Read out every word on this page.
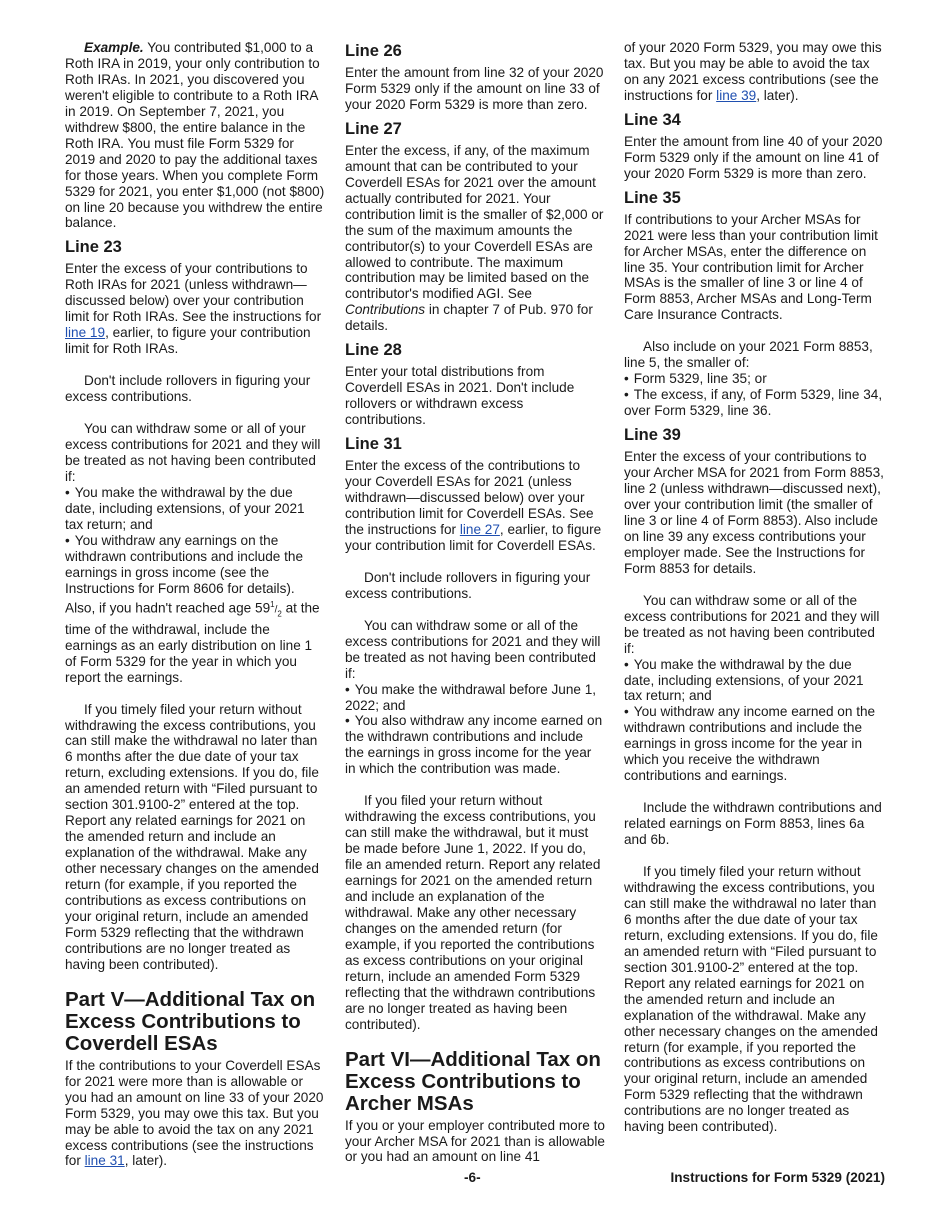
Example. You contributed $1,000 to a Roth IRA in 2019, your only contribution to Roth IRAs. In 2021, you discovered you weren't eligible to contribute to a Roth IRA in 2019. On September 7, 2021, you withdrew $800, the entire balance in the Roth IRA. You must file Form 5329 for 2019 and 2020 to pay the additional taxes for those years. When you complete Form 5329 for 2021, you enter $1,000 (not $800) on line 20 because you withdrew the entire balance.

Line 23

Enter the excess of your contributions to Roth IRAs for 2021 (unless withdrawn—discussed below) over your contribution limit for Roth IRAs. See the instructions for line 19, earlier, to figure your contribution limit for Roth IRAs.

Don't include rollovers in figuring your excess contributions.

You can withdraw some or all of your excess contributions for 2021 and they will be treated as not having been contributed if:

• You make the withdrawal by the due date, including extensions, of your 2021 tax return; and

• You withdraw any earnings on the withdrawn contributions and include the earnings in gross income (see the Instructions for Form 8606 for details). Also, if you hadn't reached age $59^1/_2$ at the time of the withdrawal, include the earnings as an early distribution on line 1 of Form 5329 for the year in which you report the earnings.

If you timely filed your return without withdrawing the excess contributions, you can still make the withdrawal no later than 6 months after the due date of your tax return, excluding extensions. If you do, file an amended return with “Filed pursuant to section 301.9100-2” entered at the top. Report any related earnings for 2021 on the amended return and include an explanation of the withdrawal. Make any other necessary changes on the amended return (for example, if you reported the contributions as excess contributions on your original return, include an amended Form 5329 reflecting that the withdrawn contributions are no longer treated as having been contributed).

Part V—Additional Tax on Excess Contributions to Coverdell ESAs

If the contributions to your Coverdell ESAs for 2021 were more than is allowable or you had an amount on line 33 of your 2020 Form 5329, you may owe this tax. But you may be able to avoid the tax on any 2021 excess contributions (see the instructions for line 31, later).

Line 26

Enter the amount from line 32 of your 2020 Form 5329 only if the amount on line 33 of your 2020 Form 5329 is more than zero.

Line 27

Enter the excess, if any, of the maximum amount that can be contributed to your Coverdell ESAs for 2021 over the amount actually contributed for 2021. Your contribution limit is the smaller of $2,000 or the sum of the maximum amounts the contributor(s) to your Coverdell ESAs are allowed to contribute. The maximum contribution may be limited based on the contributor's modified AGI. See Contributions in chapter 7 of Pub. 970 for details.

Line 28

Enter your total distributions from Coverdell ESAs in 2021. Don't include rollovers or withdrawn excess contributions.

Line 31

Enter the excess of the contributions to your Coverdell ESAs for 2021 (unless withdrawn—discussed below) over your contribution limit for Coverdell ESAs. See the instructions for line 27, earlier, to figure your contribution limit for Coverdell ESAs.

Don't include rollovers in figuring your excess contributions.

You can withdraw some or all of the excess contributions for 2021 and they will be treated as not having been contributed if:

• You make the withdrawal before June 1, 2022; and

• You also withdraw any income earned on the withdrawn contributions and include the earnings in gross income for the year in which the contribution was made.

If you filed your return without withdrawing the excess contributions, you can still make the withdrawal, but it must be made before June 1, 2022. If you do, file an amended return. Report any related earnings for 2021 on the amended return and include an explanation of the withdrawal. Make any other necessary changes on the amended return (for example, if you reported the contributions as excess contributions on your original return, include an amended Form 5329 reflecting that the withdrawn contributions are no longer treated as having been contributed).

Part VI—Additional Tax on Excess Contributions to Archer MSAs

If you or your employer contributed more to your Archer MSA for 2021 than is allowable or you had an amount on line 41

of your 2020 Form 5329, you may owe this tax. But you may be able to avoid the tax on any 2021 excess contributions (see the instructions for line 39, later).

Line 34

Enter the amount from line 40 of your 2020 Form 5329 only if the amount on line 41 of your 2020 Form 5329 is more than zero.

Line 35

If contributions to your Archer MSAs for 2021 were less than your contribution limit for Archer MSAs, enter the difference on line 35. Your contribution limit for Archer MSAs is the smaller of line 3 or line 4 of Form 8853, Archer MSAs and Long-Term Care Insurance Contracts.

Also include on your 2021 Form 8853, line 5, the smaller of:

• Form 5329, line 35; or

• The excess, if any, of Form 5329, line 34, over Form 5329, line 36.

Line 39

Enter the excess of your contributions to your Archer MSA for 2021 from Form 8853, line 2 (unless withdrawn—discussed next), over your contribution limit (the smaller of line 3 or line 4 of Form 8853). Also include on line 39 any excess contributions your employer made. See the Instructions for Form 8853 for details.

You can withdraw some or all of the excess contributions for 2021 and they will be treated as not having been contributed if:

• You make the withdrawal by the due date, including extensions, of your 2021 tax return; and

• You withdraw any income earned on the withdrawn contributions and include the earnings in gross income for the year in which you receive the withdrawn contributions and earnings.

Include the withdrawn contributions and related earnings on Form 8853, lines 6a and 6b.

If you timely filed your return without withdrawing the excess contributions, you can still make the withdrawal no later than 6 months after the due date of your tax return, excluding extensions. If you do, file an amended return with “Filed pursuant to section 301.9100-2” entered at the top. Report any related earnings for 2021 on the amended return and include an explanation of the withdrawal. Make any other necessary changes on the amended return (for example, if you reported the contributions as excess contributions on your original return, include an amended Form 5329 reflecting that the withdrawn contributions are no longer treated as having been contributed).

-6-	Instructions for Form 5329 (2021)
